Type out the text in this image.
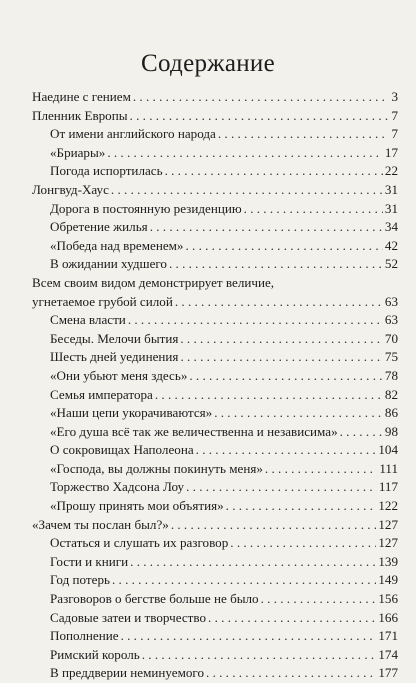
Содержание
Наедине с гением . . .	3
Пленник Европы . . .	7
От имени английского народа . . .	7
«Бриары» . . .	17
Погода испортилась . . .	22
Лонгвуд-Хаус . . .	31
Дорога в постоянную резиденцию . . .	31
Обретение жилья . . .	34
«Победа над временем» . . .	42
В ожидании худшего . . .	52
Всем своим видом демонстрирует величие,
угнетаемое грубой силой . . .	63
Смена власти . . .	63
Беседы. Мелочи бытия . . .	70
Шесть дней уединения . . .	75
«Они убьют меня здесь» . . .	78
Семья императора . . .	82
«Наши цепи укорачиваются» . . .	86
«Его душа всё так же величественна и независима» . . .	98
О сокровищах Наполеона . . .	104
«Господа, вы должны покинуть меня» . . .	111
Торжество Хадсона Лоу . . .	117
«Прошу принять мои объятия» . . .	122
«Зачем ты послан был?» . . .	127
Остаться и слушать их разговор . . .	127
Гости и книги . . .	139
Год потерь . . .	149
Разговоров о бегстве больше не было . . .	156
Садовые затеи и творчество . . .	166
Пополнение . . .	171
Римский король . . .	174
В преддверии неминуемого . . .	177
